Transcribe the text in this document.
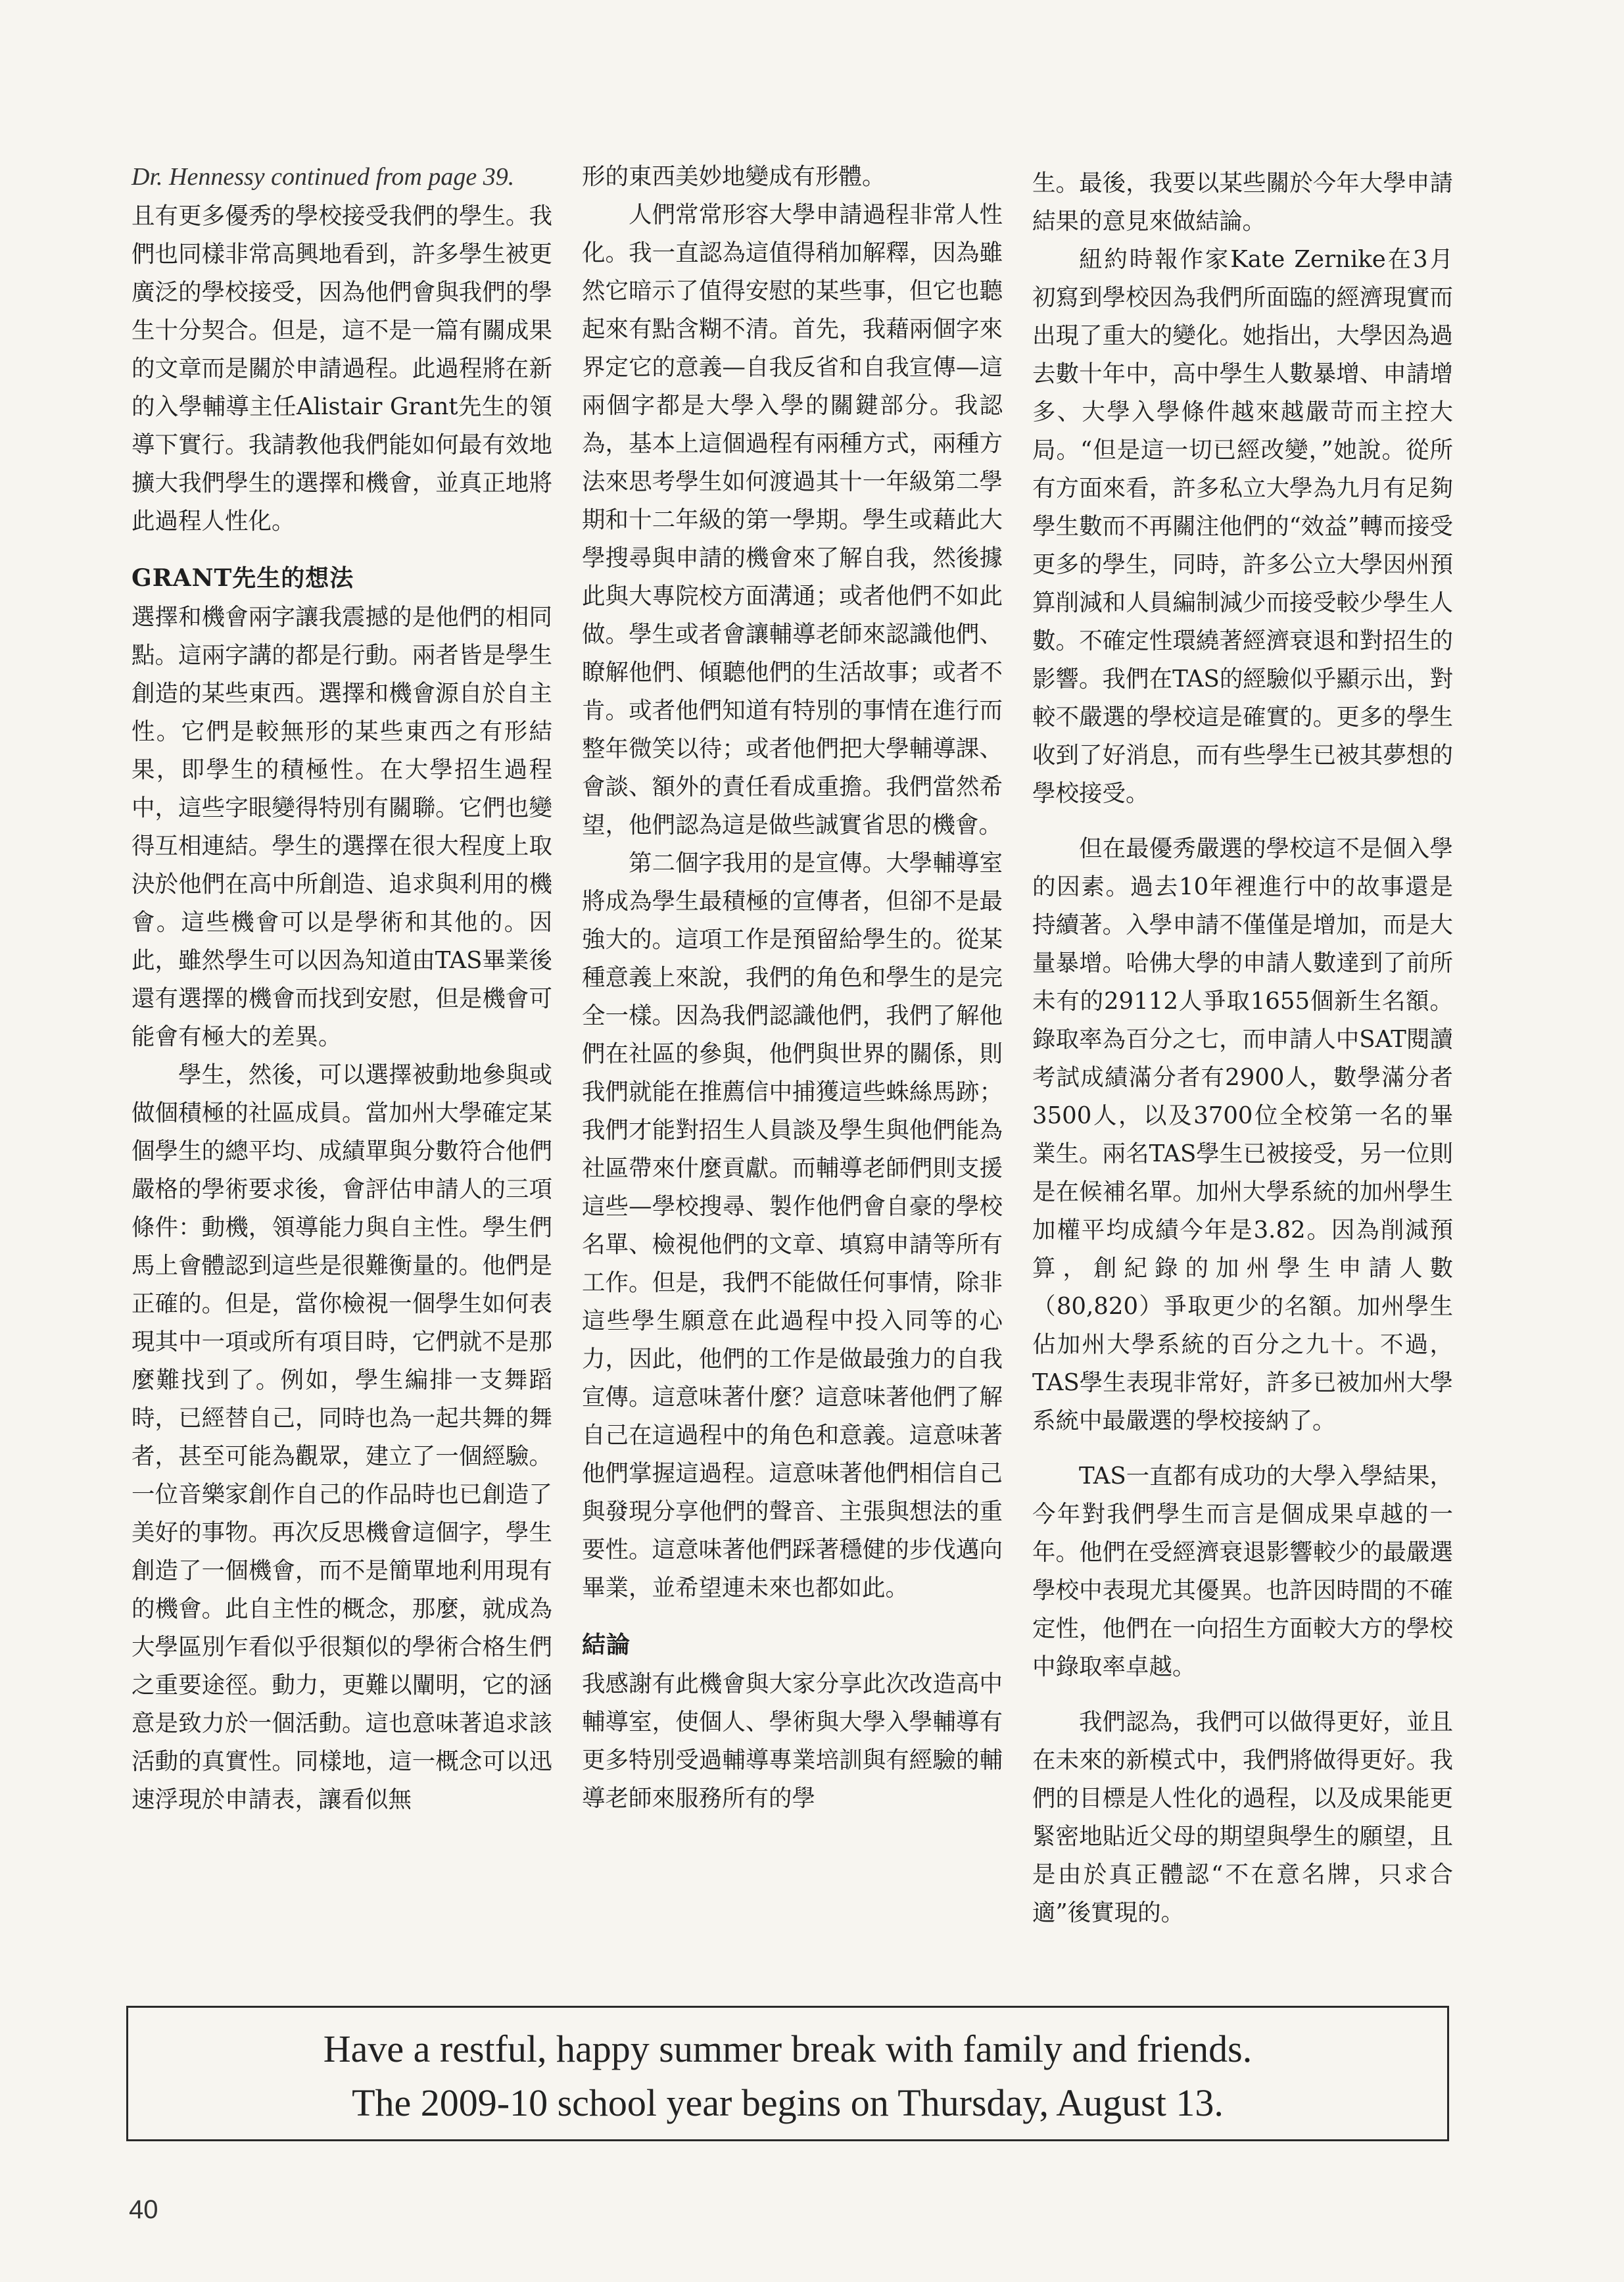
Dr. Hennessy continued from page 39.

且有更多優秀的學校接受我們的學生。我們也同樣非常高興地看到，許多學生被更廣泛的學校接受，因為他們會與我們的學生十分契合。但是，這不是一篇有關成果的文章而是關於申請過程。此過程將在新的入學輔導主任Alistair Grant先生的領導下實行。我請教他我們能如何最有效地擴大我們學生的選擇和機會，並真正地將此過程人性化。

GRANT先生的想法

選擇和機會兩字讓我震撼的是他們的相同點。這兩字講的都是行動。兩者皆是學生創造的某些東西。選擇和機會源自於自主性。它們是較無形的某些東西之有形結果，即學生的積極性。在大學招生過程中，這些字眼變得特別有關聯。它們也變得互相連結。學生的選擇在很大程度上取決於他們在高中所創造、追求與利用的機會。這些機會可以是學術和其他的。因此，雖然學生可以因為知道由TAS畢業後還有選擇的機會而找到安慰，但是機會可能會有極大的差異。

學生，然後，可以選擇被動地參與或做個積極的社區成員。當加州大學確定某個學生的總平均、成績單與分數符合他們嚴格的學術要求後，會評估申請人的三項條件：動機，領導能力與自主性。學生們馬上會體認到這些是很難衡量的。他們是正確的。但是，當你檢視一個學生如何表現其中一項或所有項目時，它們就不是那麼難找到了。例如，學生編排一支舞蹈時，已經替自己，同時也為一起共舞的舞者，甚至可能為觀眾，建立了一個經驗。一位音樂家創作自己的作品時也已創造了美好的事物。再次反思機會這個字，學生創造了一個機會，而不是簡單地利用現有的機會。此自主性的概念，那麼，就成為大學區別乍看似乎很類似的學術合格生們之重要途徑。動力，更難以闡明，它的涵意是致力於一個活動。這也意味著追求該活動的真實性。同樣地，這一概念可以迅速浮現於申請表，讓看似無

形的東西美妙地變成有形體。

人們常常形容大學申請過程非常人性化。我一直認為這值得稍加解釋，因為雖然它暗示了值得安慰的某些事，但它也聽起來有點含糊不清。首先，我藉兩個字來界定它的意義—自我反省和自我宣傳—這兩個字都是大學入學的關鍵部分。我認為，基本上這個過程有兩種方式，兩種方法來思考學生如何渡過其十一年級第二學期和十二年級的第一學期。學生或藉此大學搜尋與申請的機會來了解自我，然後據此與大專院校方面溝通；或者他們不如此做。學生或者會讓輔導老師來認識他們、瞭解他們、傾聽他們的生活故事；或者不肯。或者他們知道有特別的事情在進行而整年微笑以待；或者他們把大學輔導課、會談、額外的責任看成重擔。我們當然希望，他們認為這是做些誠實省思的機會。

第二個字我用的是宣傳。大學輔導室將成為學生最積極的宣傳者，但卻不是最強大的。這項工作是預留給學生的。從某種意義上來說，我們的角色和學生的是完全一樣。因為我們認識他們，我們了解他們在社區的參與，他們與世界的關係，則我們就能在推薦信中捕獲這些蛛絲馬跡；我們才能對招生人員談及學生與他們能為社區帶來什麼貢獻。而輔導老師們則支援這些—學校搜尋、製作他們會自豪的學校名單、檢視他們的文章、填寫申請等所有工作。但是，我們不能做任何事情，除非這些學生願意在此過程中投入同等的心力，因此，他們的工作是做最強力的自我宣傳。這意味著什麼？這意味著他們了解自己在這過程中的角色和意義。這意味著他們掌握這過程。這意味著他們相信自己與發現分享他們的聲音、主張與想法的重要性。這意味著他們踩著穩健的步伐邁向畢業，並希望連未來也都如此。

結論

我感謝有此機會與大家分享此次改造高中輔導室，使個人、學術與大學入學輔導有更多特別受過輔導專業培訓與有經驗的輔導老師來服務所有的學

生。最後，我要以某些關於今年大學申請結果的意見來做結論。

紐約時報作家Kate Zernike在3月初寫到學校因為我們所面臨的經濟現實而出現了重大的變化。她指出，大學因為過去數十年中，高中學生人數暴增、申請增多、大學入學條件越來越嚴苛而主控大局。“但是這一切已經改變，”她說。從所有方面來看，許多私立大學為九月有足夠學生數而不再關注他們的“效益”轉而接受更多的學生，同時，許多公立大學因州預算削減和人員編制減少而接受較少學生人數。不確定性環繞著經濟衰退和對招生的影響。我們在TAS的經驗似乎顯示出，對較不嚴選的學校這是確實的。更多的學生收到了好消息，而有些學生已被其夢想的學校接受。

但在最優秀嚴選的學校這不是個入學的因素。過去10年裡進行中的故事還是持續著。入學申請不僅僅是增加，而是大量暴增。哈佛大學的申請人數達到了前所未有的29112人爭取1655個新生名額。錄取率為百分之七，而申請人中SAT閱讀考試成績滿分者有2900人，數學滿分者3500人，以及3700位全校第一名的畢業生。兩名TAS學生已被接受，另一位則是在候補名單。加州大學系統的加州學生加權平均成績今年是3.82。因為削減預算，創紀錄的加州學生申請人數（80,820）爭取更少的名額。加州學生佔加州大學系統的百分之九十。不過，TAS學生表現非常好，許多已被加州大學系統中最嚴選的學校接納了。

TAS一直都有成功的大學入學結果，今年對我們學生而言是個成果卓越的一年。他們在受經濟衰退影響較少的最嚴選學校中表現尤其優異。也許因時間的不確定性，他們在一向招生方面較大方的學校中錄取率卓越。

我們認為，我們可以做得更好，並且在未來的新模式中，我們將做得更好。我們的目標是人性化的過程，以及成果能更緊密地貼近父母的期望與學生的願望，且是由於真正體認“不在意名牌，只求合適”後實現的。

Have a restful, happy summer break with family and friends.
The 2009-10 school year begins on Thursday, August 13.
40
